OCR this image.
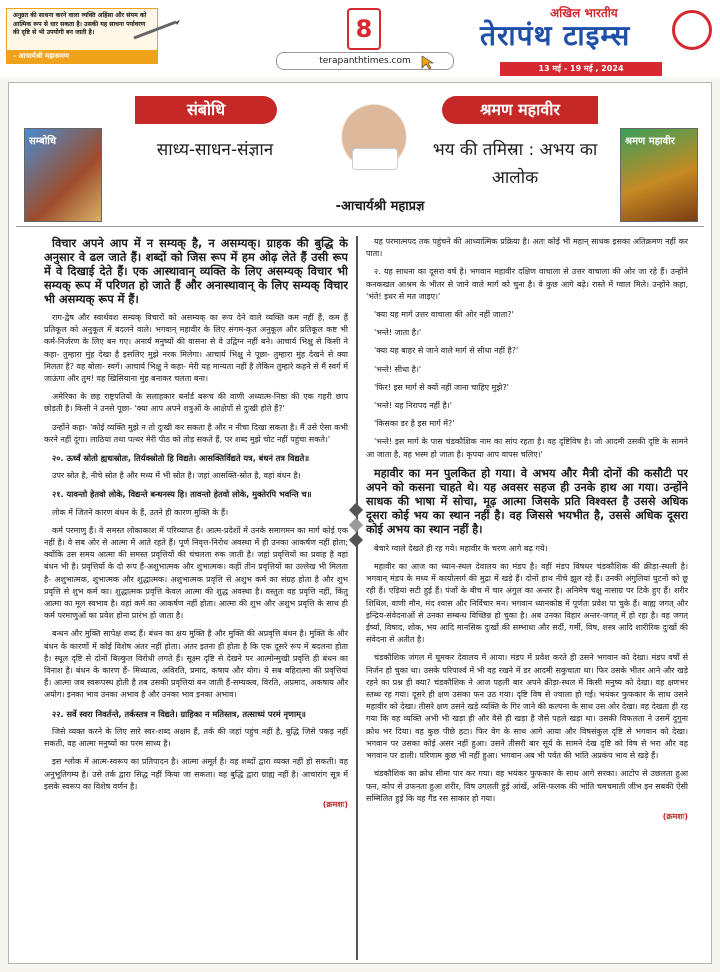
अनुव्रत की साधना करने वाला व्यक्ति अहिंसा और संयम को आत्मिक रूप से धार सकता है। उसकी यह साधना पर्यावरण की दृष्टि से भी उपयोगी बन जाती है।
- आचार्यश्री महाश्रमण
8
terapanthtimes.com
अखिल भारतीय
तेरापंथ टाइम्स
13 मई - 19 मई , 2024
संबोधि	श्रमण महावीर
सम्बोधि	श्रमण महावीर
साध्य-साधन-संज्ञान	भय की तमिस्रा : अभय का आलोक
-आचार्यश्री महाप्रज्ञ

विचार अपने आप में न सम्यक् है, न असम्यक्। ग्राहक की बुद्धि के अनुसार वे ढल जाते हैं। शब्दों को जिस रूप में हम ओढ़ लेते हैं उसी रूप में वे दिखाई देते हैं। एक आस्थावान् व्यक्ति के लिए असम्यक् विचार भी सम्यक् रूप में परिणत हो जाते हैं और अनास्थावान् के लिए सम्यक् विचार भी असम्यक् रूप में हैं।

राग-द्वेष और स्वार्थवश सम्यक् विचारों को असम्यक् का रूप देने वाले व्यक्ति कम नहीं हैं, कम हैं प्रतिकूल को अनुकूल में बदलने वाले। भगवान् महावीर के लिए संगम-कृत अनुकूल और प्रतिकूल कष्ट भी कर्म-निर्जरण के लिए बन गए। अनार्य मनुष्यों की वासना से वे उद्विग्न नहीं बने। आचार्य भिक्षु से किसी ने कहा- तुम्हारा मुंह देखा है इसलिए मुझे नरक मिलेगा। आचार्य भिक्षु ने पूछा- तुम्हारा मुंह देखने से क्या मिलता है? वह बोला- स्वर्ग। आचार्य भिक्षु ने कहा- मेरी यह मान्यता नहीं है लेकिन तुम्हारे कहने से मैं स्वर्ग में जाऊंगा और तुम! वह खिसियाना मुंह बनाकर चलता बना।

अमेरिका के छह राष्ट्रपतियों के सलाहकार बर्नार्ड बरूच की वाणी अध्यात्म-निष्ठा की एक गहरी छाप छोड़ती है। किसी ने उनसे पूछा- 'क्या आप अपने शत्रुओं के आक्षेपों से दुःखी होते हैं?'

उन्होंने कहा- 'कोई व्यक्ति मुझे न तो दुःखी कर सकता है और न नीचा दिखा सकता है। मैं उसे ऐसा कभी करने नहीं दूंगा। लाठियां तथा पत्थर मेरी पीठ को तोड़ सकते हैं, पर शब्द मुझे चोट नहीं पहुंचा सकते।'

२०. ऊर्ध्वं स्रोतो ह्यधःस्रोतः, तिर्यक्स्रोतो हि विद्यते। आसक्तिर्विद्यते यत्र, बंधनं तत्र विद्यते॥

उपर स्रोत है, नीचे स्रोत है और मध्य में भी स्रोत है। जहां आसक्ति-स्रोत है, वहां बंधन है।

२१. यावन्तो हेतवो लोके, विद्यन्ते बन्धनस्य हि। तावन्तो हेतवो लोके, मुक्तेरपि भवन्ति च॥

लोक में जितने कारण बंधन के हैं, उतने ही कारण मुक्ति के हैं।

कर्म परमाणु हैं। वे समस्त लोकाकाश में परिव्याप्त हैं। आत्म-प्रदेशों में उनके समागमन का मार्ग कोई एक नहीं है। वे सब ओर से आत्मा में आते रहते हैं। पूर्ण निवृत्त-निरोध अवस्था में ही उनका आकर्षण नहीं होता; क्योंकि उस समय आत्मा की समस्त प्रवृत्तियों की चंचलता रुक जाती है। जहां प्रवृत्तियों का प्रवाह है वहां बंधन भी है। प्रवृत्तियों के दो रूप हैं-अशुभात्मक और शुभात्मक। कहीं तीन प्रवृत्तियों का उल्लेख भी मिलता है- अशुभात्मक, शुभात्मक और शुद्धात्मक। अशुभात्मक प्रवृत्ति से अशुभ कर्म का संग्रह होता है और शुभ प्रवृत्ति से शुभ कर्म का। शुद्धात्मक प्रवृत्ति केवल आत्मा की शुद्ध अवस्था है। वस्तुतः वह प्रवृत्ति नहीं, किंतु आत्मा का मूल स्वभाव है। वहां कर्म का आकर्षण नहीं होता। आत्मा की शुभ और अशुभ प्रवृत्ति के साथ ही कर्म परमाणुओं का प्रवेश होना प्रारंभ हो जाता है।

बन्धन और मुक्ति सापेक्ष शब्द हैं। बंधन का क्षय मुक्ति है और मुक्ति की अप्रवृत्ति बंधन है। मुक्ति के और बंधन के कारणों में कोई विशेष अंतर नहीं होता। अंतर इतना ही होता है कि एक दूसरे रूप में बदलना होता है। स्थूल दृष्टि से दोनों बिल्कुल विरोधी लगते हैं। सूक्ष्म दृष्टि से देखने पर आत्मोन्मुखी प्रवृत्ति ही बंधन का विनाश है। बंधन के कारण हैं- मिथ्यात्व, अविरति, प्रमाद, कषाय और योग। ये सब बहिरात्मा की प्रवृत्तियां हैं। आत्मा जब स्वरूपस्थ होती है तब उसकी प्रवृत्तियां बन जाती हैं-सम्यक्त्व, विरति, अप्रमाद, अकषाय और अयोग। इनका भाव उनका अभाव है और उनका भाव इनका अभाव।

२२. सर्वे स्वरा निवर्तन्ते, तर्कस्तत्र न विद्यते। ग्राहिका न मतिस्तत्र, तत्साध्यं परमं नृणाम्॥

जिसे व्यक्त करने के लिए सारे स्वर-शब्द अक्षम हैं, तर्क की जहां पहुंच नहीं है, बुद्धि जिसे पकड़ नहीं सकती, वह आत्मा मनुष्यों का परम साध्य है।

इस श्लोक में आत्म-स्वरूप का प्रतिपादन है। आत्मा अमूर्त है। वह शब्दों द्वारा व्यक्त नहीं हो सकती। वह अनुभूतिगम्य है। उसे तर्क द्वारा सिद्ध नहीं किया जा सकता। वह बुद्धि द्वारा ग्राह्य नहीं है। आचारांग सूत्र में इसके स्वरूप का विशेष वर्णन है।

(क्रमशः)

यह परमात्मपद तक पहुंचने की आध्यात्मिक प्रक्रिया है। अतः कोई भी महान् साधक इसका अतिक्रमण नहीं कर पाता।

२. यह साधना का दूसरा वर्ष है। भगवान महावीर दक्षिण वाचाला से उत्तर वाचाला की ओर जा रहे हैं। उन्होंने कनकखल आश्रम के भीतर से जाने वाले मार्ग को चुना है। वे कुछ आगे बढ़े। रास्ते में ग्वाल मिले। उन्होंने कहा, 'भंते! इधर से मत जाइए।'

'क्या यह मार्ग उत्तर वाचाला की ओर नहीं जाता?'

'भन्ते! जाता है।'

'क्या यह बाहर से जाने वाले मार्ग से सीधा नहीं है?'

'भन्ते! सीधा है।'

'फिर! इस मार्ग से क्यों नहीं जाना चाहिए मुझे?'

'भन्ते! यह निरापद नहीं है।'

'किसका डर है इस मार्ग में?'

'भन्ते! इस मार्ग के पास चंडकौशिक नाम का सांप रहता है। वह दृष्टिविष है। जो आदमी उसकी दृष्टि के सामने आ जाता है, वह भस्म हो जाता है। कृपया आप वापस चलिए।'

महावीर का मन पुलकित हो गया। वे अभय और मैत्री दोनों की कसौटी पर अपने को कसना चाहते थे। यह अवसर सहज ही उनके हाथ आ गया। उन्होंने साधक की भाषा में सोचा, मूढ़ आत्मा जिसके प्रति विश्वस्त है उससे अधिक दूसरा कोई भय का स्थान नहीं है। वह जिससे भयभीत है, उससे अधिक दूसरा कोई अभय का स्थान नहीं है।

बेचारे ग्वाले देखते ही रह गये। महावीर के चरण आगे बढ़ गये।

महावीर का आज का ध्यान-स्थल देवालय का मंडप है। वहीं मंडप विषधर चंडकौशिक की क्रीड़ा-स्थली है। भगवान् मंडप के मध्य में कायोत्सर्ग की मुद्रा में खड़े हैं। दोनों हाथ नीचे झूल रहे हैं। उनकी अंगुलियां घुटनों को छू रही हैं। एड़ियां सटी हुई हैं। पंजों के बीच में चार अंगुल का अन्तर है। अनिमेष चक्षु नासाग्र पर टिके हुए हैं। शरीर शिथिल, वाणी मौन, मंद श्वास और निर्विचार मन। भगवान ध्यानकोष्ठ में पूर्णतः प्रवेश पा चुके हैं। बाह्य जगत् और इन्द्रिय-संवेदनाओं से उनका सम्बन्ध विच्छिन्न हो चुका है। अब उनका विहार अन्तर-जगत् में हो रहा है। वह जगत् ईर्ष्या, विषाद, शोक, भय आदि मानसिक दुःखों की सम्भाधा और सर्दी, गर्मी, विष, शस्त्र आदि शारीरिक दुःखों की संवेदना से अतीत है।

चंडकौशिक जंगल में घूमकर देवालय में आया। मंडप में प्रवेश करते ही उसने भगवान को देखा। मंडप वर्षों से निर्जन हो चुका था। उसके परिपार्श्व में भी वह रखने में डर आदमी सकुचाता था। फिर उसके भीतर आने और खड़े रहने का प्रश्न ही क्या? चंडकौशिक ने आज पहली बार अपने क्रीड़ा-स्थल में किसी मनुष्य को देखा। वह क्षणभर स्तब्ध रह गया। दूसरे ही क्षण उसका फन उठ गया। दृष्टि विष से ज्वाला हो गई। भयंकर फुफकार के साथ उसने महावीर को देखा। तीसरे क्षण उसने खड़े व्यक्ति के गिर जाने की कल्पना के साथ उस ओर देखा। वह देखता ही रह गया कि वह व्यक्ति अभी भी खड़ा ही और वैसे ही खड़ा है जैसे पहले खड़ा था। उसकी विफलता ने उसमें दुगुना क्रोध भर दिया। वह कुछ पीछे हटा। फिर वेग के साथ आगे आया और विषसंकुल दृष्टि से भगवान को देखा। भगवान पर उसका कोई असर नहीं हुआ। उसने तीसरी बार सूर्य के सामने देख दृष्टि को विष से भरा और वह भगवान पर डाली। परिणाम कुछ भी नहीं हुआ। भगवान अब भी पर्वत की भांति अप्रकंप भाव से खड़े हैं।

चंडकौशिक का क्रोध सीमा पार कर गया। वह भयंकर फुफकार के साथ आगे सरका। आटोप से उछलता हुआ फन, कोप से उफनता हुआ शरीर, विष उगलती हुई आंखें, असि-फलक की भांति चमचमाती जीभ इन सबकी ऐसी सम्मिलित हुई कि वह गैंड रस साकार हो गया।

(क्रमशः)
